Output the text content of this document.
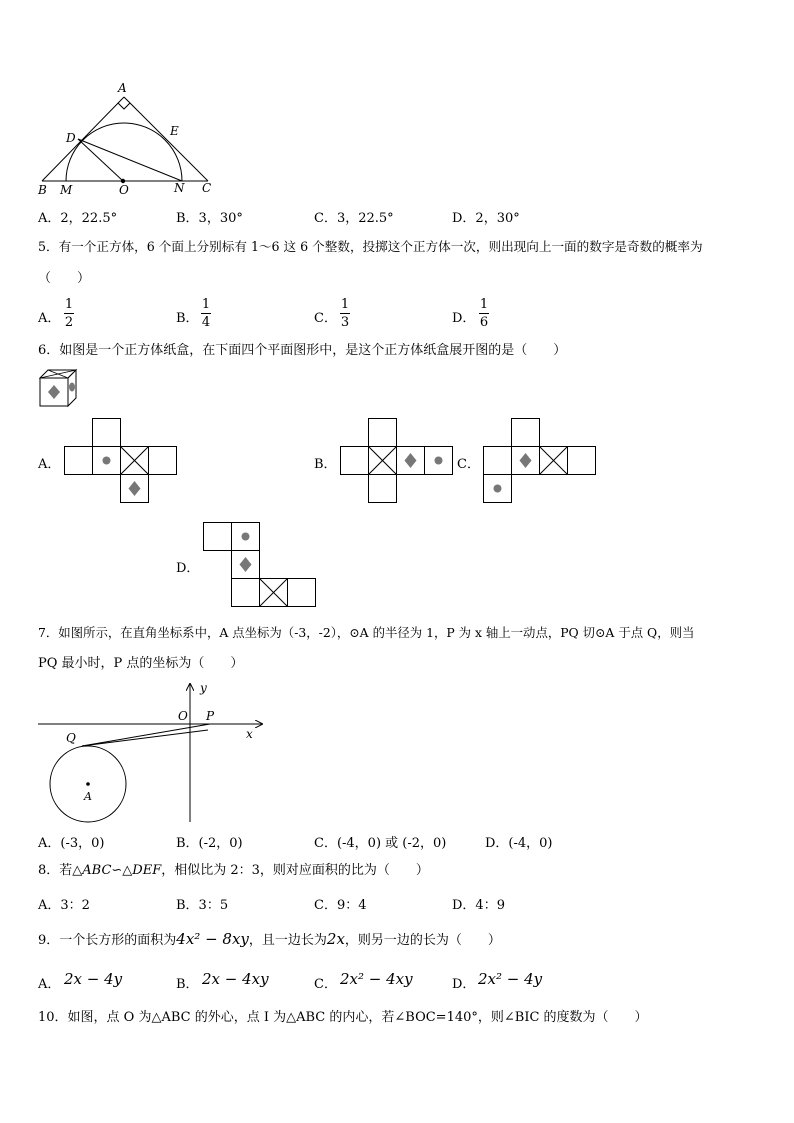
A
D	E
B M	O	N C
A．2，22.5°	B．3，30°	C．3，22.5°	D．2，30°
5．有一个正方体，6 个面上分别标有 1～6 这 6 个整数，投掷这个正方体一次，则出现向上一面的数字是奇数的概率为
（　　）
A．
1
2	B．
1
4	C．
1
3	D．
1
6
6．如图是一个正方体纸盒，在下面四个平面图形中，是这个正方体纸盒展开图的是（　　）
A．	B．	C．
D．
7．如图所示，在直角坐标系中，A 点坐标为（-3，-2），⊙A 的半径为 1，P 为 x 轴上一动点，PQ 切⊙A 于点 Q，则当
PQ 最小时，P 点的坐标为（　　）
y
O P
x
Q
A
A．(-3，0)	B．(-2，0)	C．(-4，0) 或 (-2，0)	D．(-4，0)
8．若△ABC∽△DEF，相似比为 2：3，则对应面积的比为（　　）
A．3：2	B．3：5	C．9：4	D．4：9
9．一个长方形的面积为4x² − 8xy，且一边长为2x，则另一边的长为（　　）
A． 2x − 4y	B． 2x − 4xy	C． 2x² − 4xy	D． 2x² − 4y
10．如图，点 O 为△ABC 的外心，点 I 为△ABC 的内心，若∠BOC=140°，则∠BIC 的度数为（　　）
